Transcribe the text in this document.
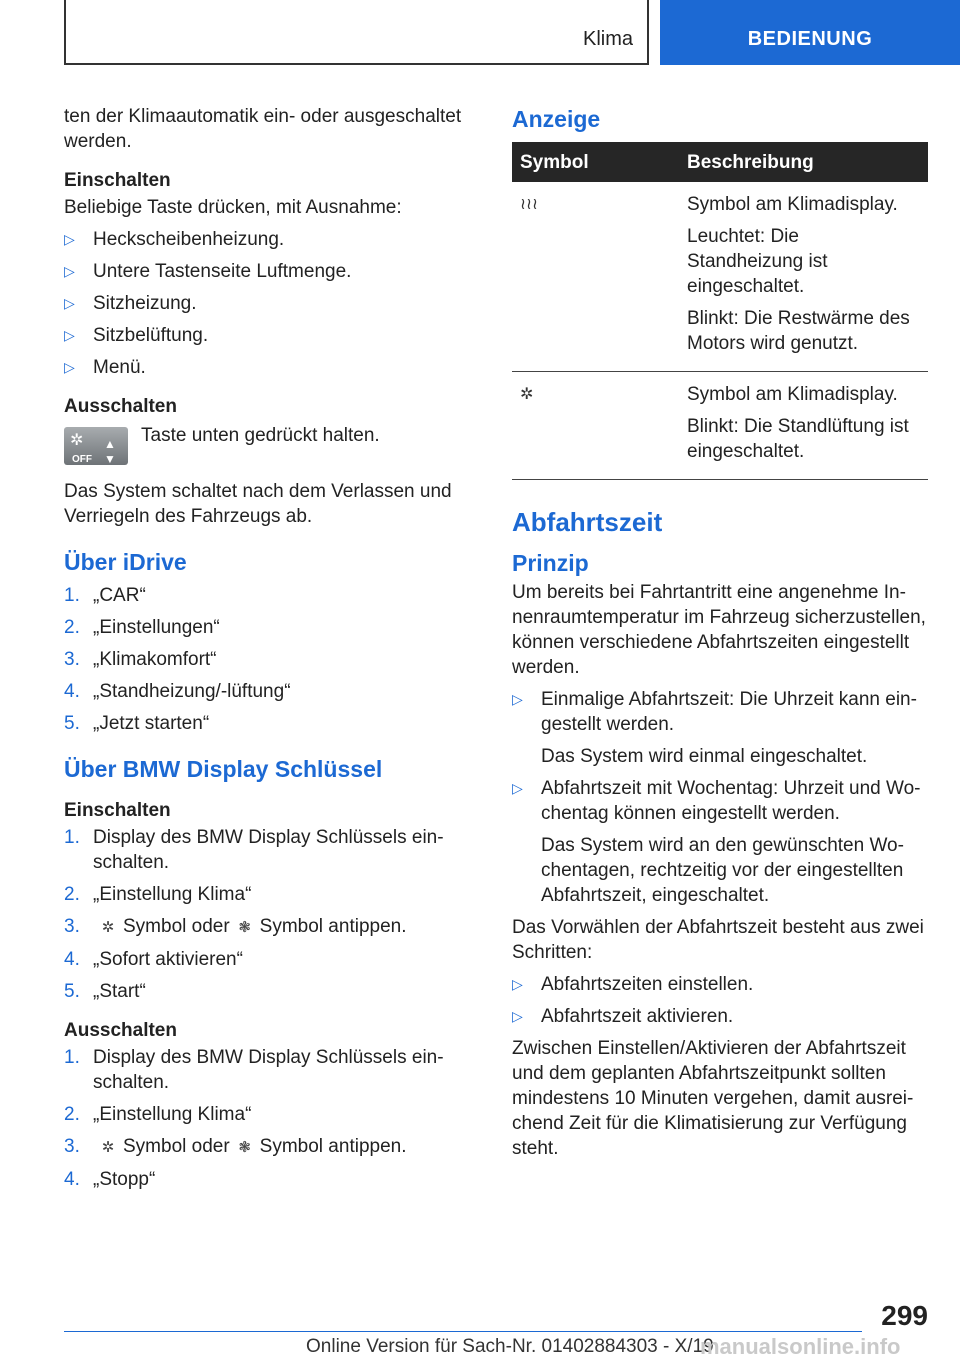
Klima	BEDIENUNG

ten der Klimaautomatik ein- oder ausgeschaltet werden.

Einschalten

Beliebige Taste drücken, mit Ausnahme:

▷ Heckscheibenheizung.
▷ Untere Tastenseite Luftmenge.
▷ Sitzheizung.
▷ Sitzbelüftung.
▷ Menü.
Ausschalten
✲
OFF
▲
▼
Taste unten gedrückt halten.

Das System schaltet nach dem Verlassen und Verriegeln des Fahrzeugs ab.

Über iDrive
1. „CAR“
2. „Einstellungen“
3. „Klimakomfort“
4. „Standheizung/-lüftung“
5. „Jetzt starten“
Über BMW Display Schlüssel
Einschalten
1. Display des BMW Display Schlüssels ein-schalten.
2. „Einstellung Klima“
3. ✲ Symbol oder ❃ Symbol antippen.
4. „Sofort aktivieren“
5. „Start“
Ausschalten
1. Display des BMW Display Schlüssels ein-schalten.
2. „Einstellung Klima“
3. ✲ Symbol oder ❃ Symbol antippen.
4. „Stopp“
Anzeige
Symbol	Beschreibung
≀≀≀	Symbol am Klimadisplay.

Leuchtet: Die Standheizung ist eingeschaltet.

Blinkt: Die Restwärme des Motors wird genutzt.

✲	Symbol am Klimadisplay.

Blinkt: Die Standlüftung ist eingeschaltet.

Abfahrtszeit
Prinzip

Um bereits bei Fahrtantritt eine angenehme In-nenraumtemperatur im Fahrzeug sicherzustellen, können verschiedene Abfahrtszeiten eingestellt werden.

▷ Einmalige Abfahrtszeit: Die Uhrzeit kann ein-gestellt werden.
Das System wird einmal eingeschaltet.
▷ Abfahrtszeit mit Wochentag: Uhrzeit und Wo-chentag können eingestellt werden.
Das System wird an den gewünschten Wo-chentagen, rechtzeitig vor der eingestellten Abfahrtszeit, eingeschaltet.

Das Vorwählen der Abfahrtszeit besteht aus zwei Schritten:

▷ Abfahrtszeiten einstellen.
▷ Abfahrtszeit aktivieren.

Zwischen Einstellen/Aktivieren der Abfahrtszeit und dem geplanten Abfahrtszeitpunkt sollten mindestens 10 Minuten vergehen, damit ausrei-chend Zeit für die Klimatisierung zur Verfügung steht.

299
Online Version für Sach-Nr. 01402884303 - X/19
manualsonline.info
